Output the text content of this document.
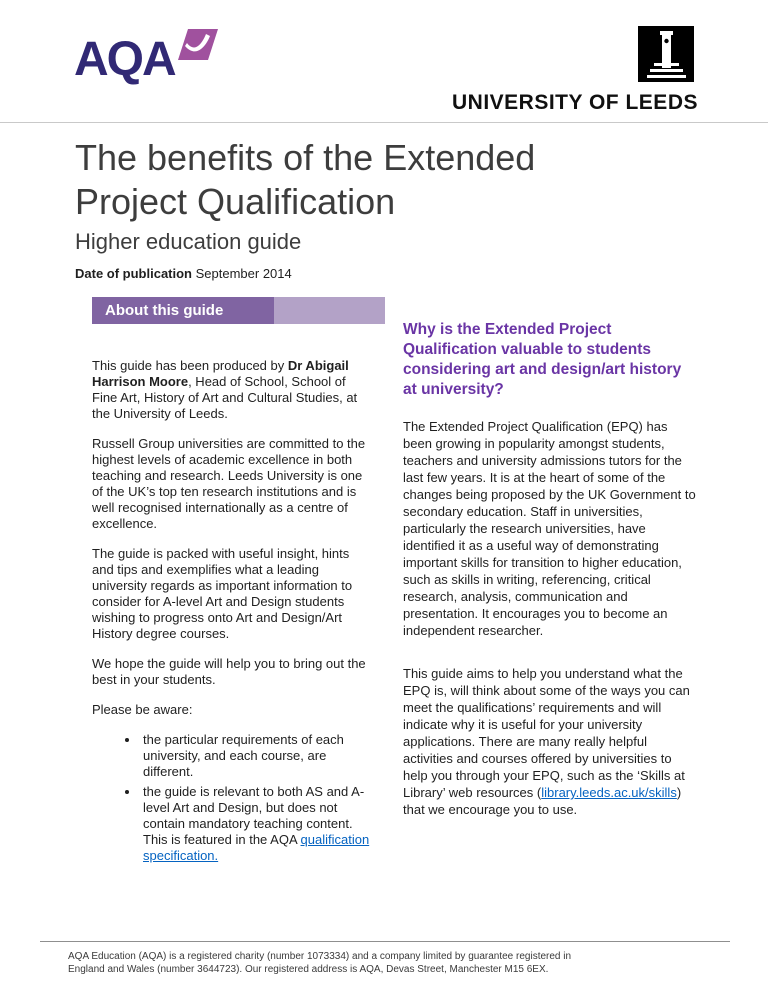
AQA
UNIVERSITY OF LEEDS
The benefits of the Extended
Project Qualification
Higher education guide
Date of publication September 2014
About this guide

This guide has been produced by Dr Abigail Harrison Moore, Head of School, School of Fine Art, History of Art and Cultural Studies, at the University of Leeds.

Russell Group universities are committed to the highest levels of academic excellence in both teaching and research. Leeds University is one of the UK’s top ten research institutions and is well recognised internationally as a centre of excellence.

The guide is packed with useful insight, hints and tips and exemplifies what a leading university regards as important information to consider for A-level Art and Design students wishing to progress onto Art and Design/Art History degree courses.

We hope the guide will help you to bring out the best in your students.

Please be aware:

• the particular requirements of each university, and each course, are different.
• the guide is relevant to both AS and A-level Art and Design, but does not contain mandatory teaching content. This is featured in the AQA qualification specification.
Why is the Extended Project Qualification valuable to students considering art and design/art history at university?

The Extended Project Qualification (EPQ) has been growing in popularity amongst students, teachers and university admissions tutors for the last few years. It is at the heart of some of the changes being proposed by the UK Government to secondary education. Staff in universities, particularly the research universities, have identified it as a useful way of demonstrating important skills for transition to higher education, such as skills in writing, referencing, critical research, analysis, communication and presentation. It encourages you to become an independent researcher.

This guide aims to help you understand what the EPQ is, will think about some of the ways you can meet the qualifications’ requirements and will indicate why it is useful for your university applications. There are many really helpful activities and courses offered by universities to help you through your EPQ, such as the ‘Skills at Library’ web resources (library.leeds.ac.uk/skills) that we encourage you to use.

AQA Education (AQA) is a registered charity (number 1073334) and a company limited by guarantee registered in
England and Wales (number 3644723). Our registered address is AQA, Devas Street, Manchester M15 6EX.
